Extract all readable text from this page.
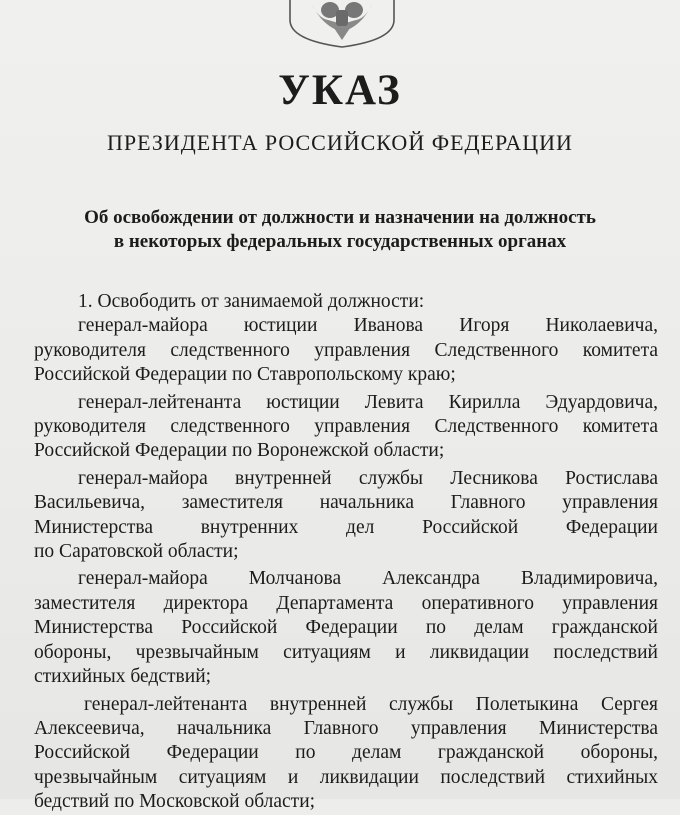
УКАЗ
ПРЕЗИДЕНТА РОССИЙСКОЙ ФЕДЕРАЦИИ
Об освобождении от должности и назначении на должность
в некоторых федеральных государственных органах
1. Освободить от занимаемой должности:
генерал-майора юстиции Иванова Игоря Николаевича,
руководителя следственного управления Следственного комитета
Российской Федерации по Ставропольскому краю;
генерал-лейтенанта юстиции Левита Кирилла Эдуардовича,
руководителя следственного управления Следственного комитета
Российской Федерации по Воронежской области;
генерал-майора внутренней службы Лесникова Ростислава
Васильевича, заместителя начальника Главного управления
Министерства внутренних дел Российской Федерации
по Саратовской области;
генерал-майора Молчанова Александра Владимировича,
заместителя директора Департамента оперативного управления
Министерства Российской Федерации по делам гражданской
обороны, чрезвычайным ситуациям и ликвидации последствий
стихийных бедствий;
генерал-лейтенанта внутренней службы Полетыкина Сергея
Алексеевича, начальника Главного управления Министерства
Российской Федерации по делам гражданской обороны,
чрезвычайным ситуациям и ликвидации последствий стихийных
бедствий по Московской области;
